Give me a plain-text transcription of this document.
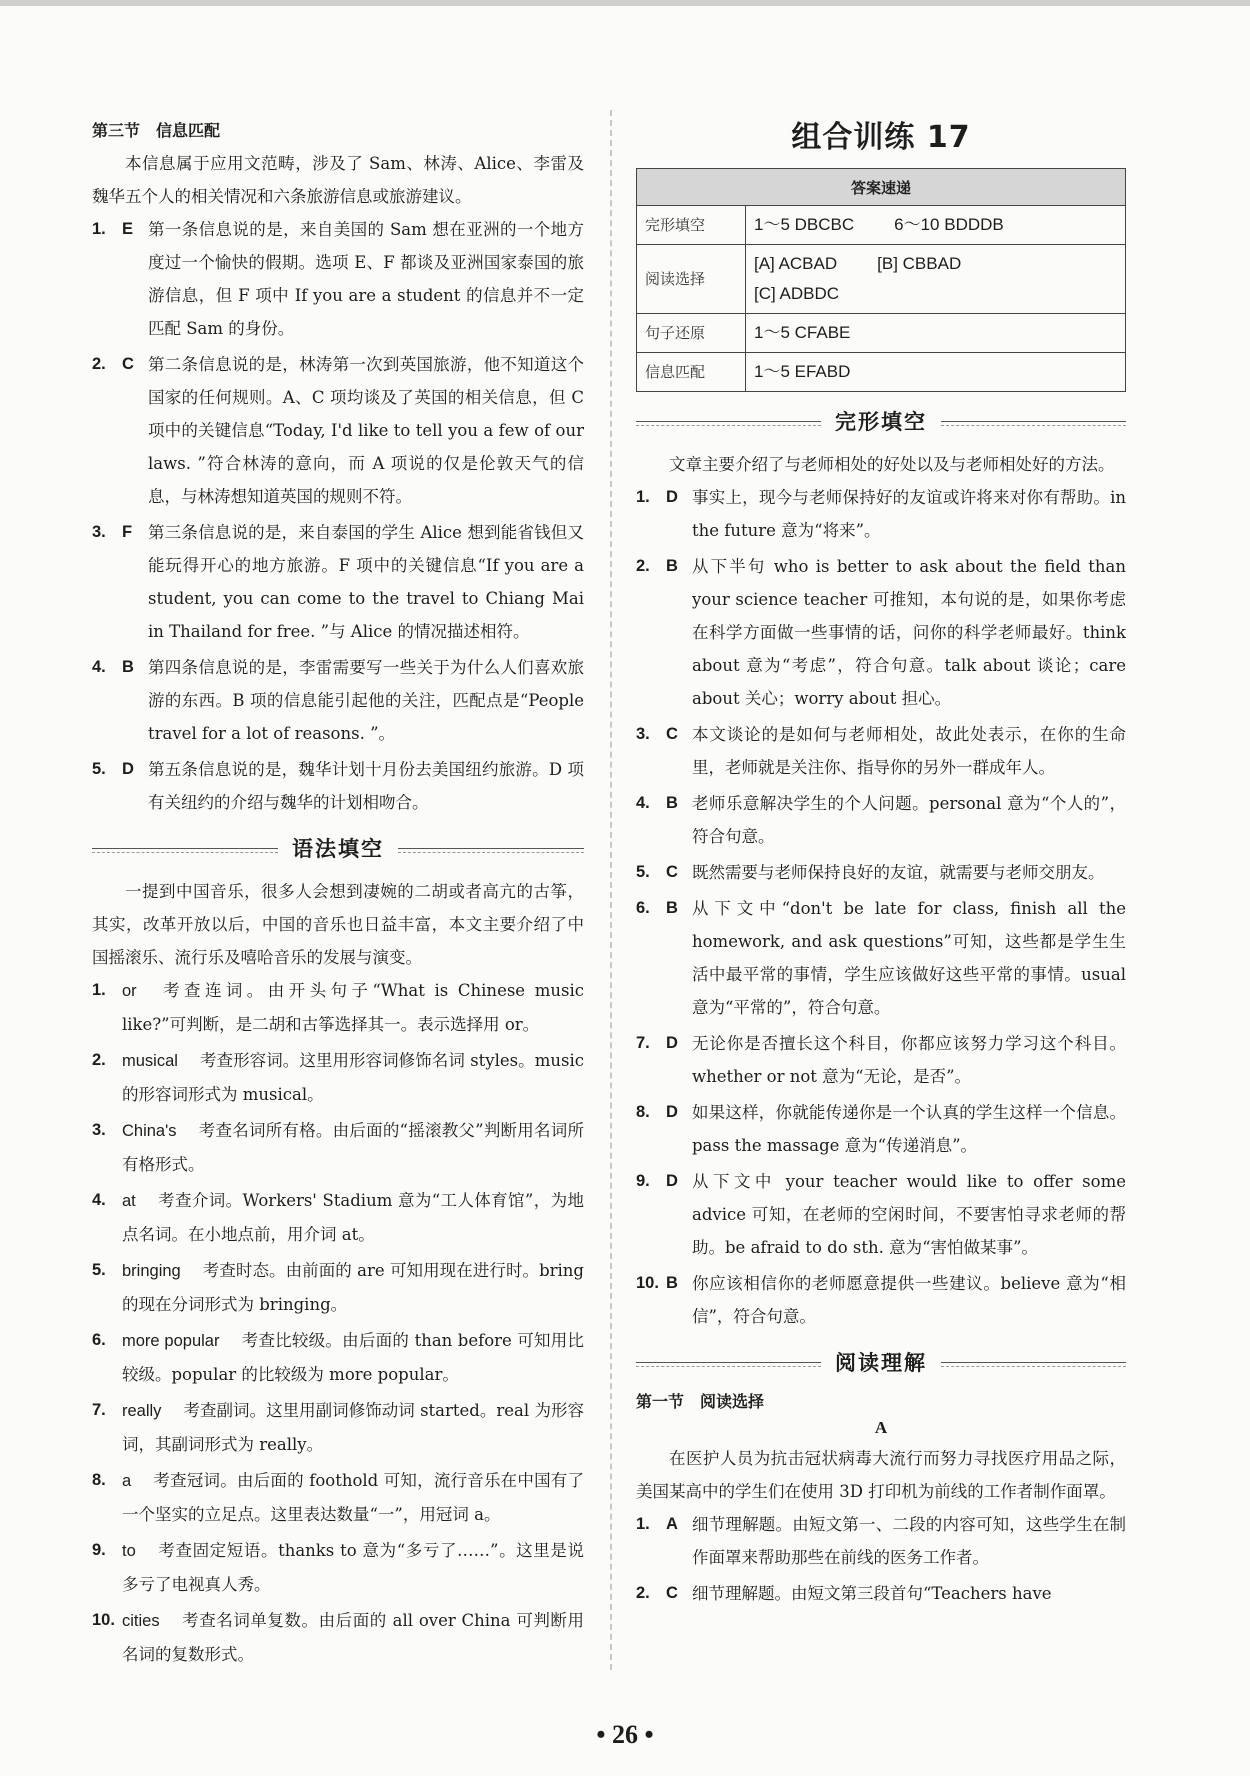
第三节　信息匹配

本信息属于应用文范畴，涉及了 Sam、林涛、Alice、李雷及魏华五个人的相关情况和六条旅游信息或旅游建议。

1. E 第一条信息说的是，来自美国的 Sam 想在亚洲的一个地方度过一个愉快的假期。选项 E、F 都谈及亚洲国家泰国的旅游信息，但 F 项中 If you are a student 的信息并不一定匹配 Sam 的身份。
2. C 第二条信息说的是，林涛第一次到英国旅游，他不知道这个国家的任何规则。A、C 项均谈及了英国的相关信息，但 C 项中的关键信息“Today, I'd like to tell you a few of our laws. ”符合林涛的意向，而 A 项说的仅是伦敦天气的信息，与林涛想知道英国的规则不符。
3. F 第三条信息说的是，来自泰国的学生 Alice 想到能省钱但又能玩得开心的地方旅游。F 项中的关键信息“If you are a student, you can come to the travel to Chiang Mai in Thailand for free. ”与 Alice 的情况描述相符。
4. B 第四条信息说的是，李雷需要写一些关于为什么人们喜欢旅游的东西。B 项的信息能引起他的关注，匹配点是“People travel for a lot of reasons. ”。
5. D 第五条信息说的是，魏华计划十月份去美国纽约旅游。D 项有关纽约的介绍与魏华的计划相吻合。
语法填空

一提到中国音乐，很多人会想到凄婉的二胡或者高亢的古筝，其实，改革开放以后，中国的音乐也日益丰富，本文主要介绍了中国摇滚乐、流行乐及嘻哈音乐的发展与演变。

1. or 考查连词。由开头句子“What is Chinese music like?”可判断，是二胡和古筝选择其一。表示选择用 or。
2. musical 考查形容词。这里用形容词修饰名词 styles。music 的形容词形式为 musical。
3. China's 考查名词所有格。由后面的“摇滚教父”判断用名词所有格形式。
4. at 考查介词。Workers' Stadium 意为“工人体育馆”，为地点名词。在小地点前，用介词 at。
5. bringing 考查时态。由前面的 are 可知用现在进行时。bring 的现在分词形式为 bringing。
6. more popular 考查比较级。由后面的 than before 可知用比较级。popular 的比较级为 more popular。
7. really 考查副词。这里用副词修饰动词 started。real 为形容词，其副词形式为 really。
8. a 考查冠词。由后面的 foothold 可知，流行音乐在中国有了一个坚实的立足点。这里表达数量“一”，用冠词 a。
9. to 考查固定短语。thanks to 意为“多亏了……”。这里是说多亏了电视真人秀。
10. cities 考查名词单复数。由后面的 all over China 可判断用名词的复数形式。
组合训练 17
答案速递	
完形填空	1～5 DBCBC 6～10 BDDDB
阅读选择	[A] ACBAD [B] CBBAD
[C] ADBDC
句子还原	1～5 CFABE
信息匹配	1～5 EFABD
完形填空

文章主要介绍了与老师相处的好处以及与老师相处好的方法。

1. D 事实上，现今与老师保持好的友谊或许将来对你有帮助。in the future 意为“将来”。
2. B 从下半句 who is better to ask about the field than your science teacher 可推知，本句说的是，如果你考虑在科学方面做一些事情的话，问你的科学老师最好。think about 意为“考虑”，符合句意。talk about 谈论；care about 关心；worry about 担心。
3. C 本文谈论的是如何与老师相处，故此处表示，在你的生命里，老师就是关注你、指导你的另外一群成年人。
4. B 老师乐意解决学生的个人问题。personal 意为“个人的”，符合句意。
5. C 既然需要与老师保持良好的友谊，就需要与老师交朋友。
6. B 从下文中“don't be late for class, finish all the homework, and ask questions”可知，这些都是学生生活中最平常的事情，学生应该做好这些平常的事情。usual 意为“平常的”，符合句意。
7. D 无论你是否擅长这个科目，你都应该努力学习这个科目。whether or not 意为“无论，是否”。
8. D 如果这样，你就能传递你是一个认真的学生这样一个信息。pass the massage 意为“传递消息”。
9. D 从下文中 your teacher would like to offer some advice 可知，在老师的空闲时间，不要害怕寻求老师的帮助。be afraid to do sth. 意为“害怕做某事”。
10. B 你应该相信你的老师愿意提供一些建议。believe 意为“相信”，符合句意。
阅读理解
第一节　阅读选择
A

在医护人员为抗击冠状病毒大流行而努力寻找医疗用品之际，美国某高中的学生们在使用 3D 打印机为前线的工作者制作面罩。

1. A 细节理解题。由短文第一、二段的内容可知，这些学生在制作面罩来帮助那些在前线的医务工作者。
2. C 细节理解题。由短文第三段首句“Teachers have
• 26 •
